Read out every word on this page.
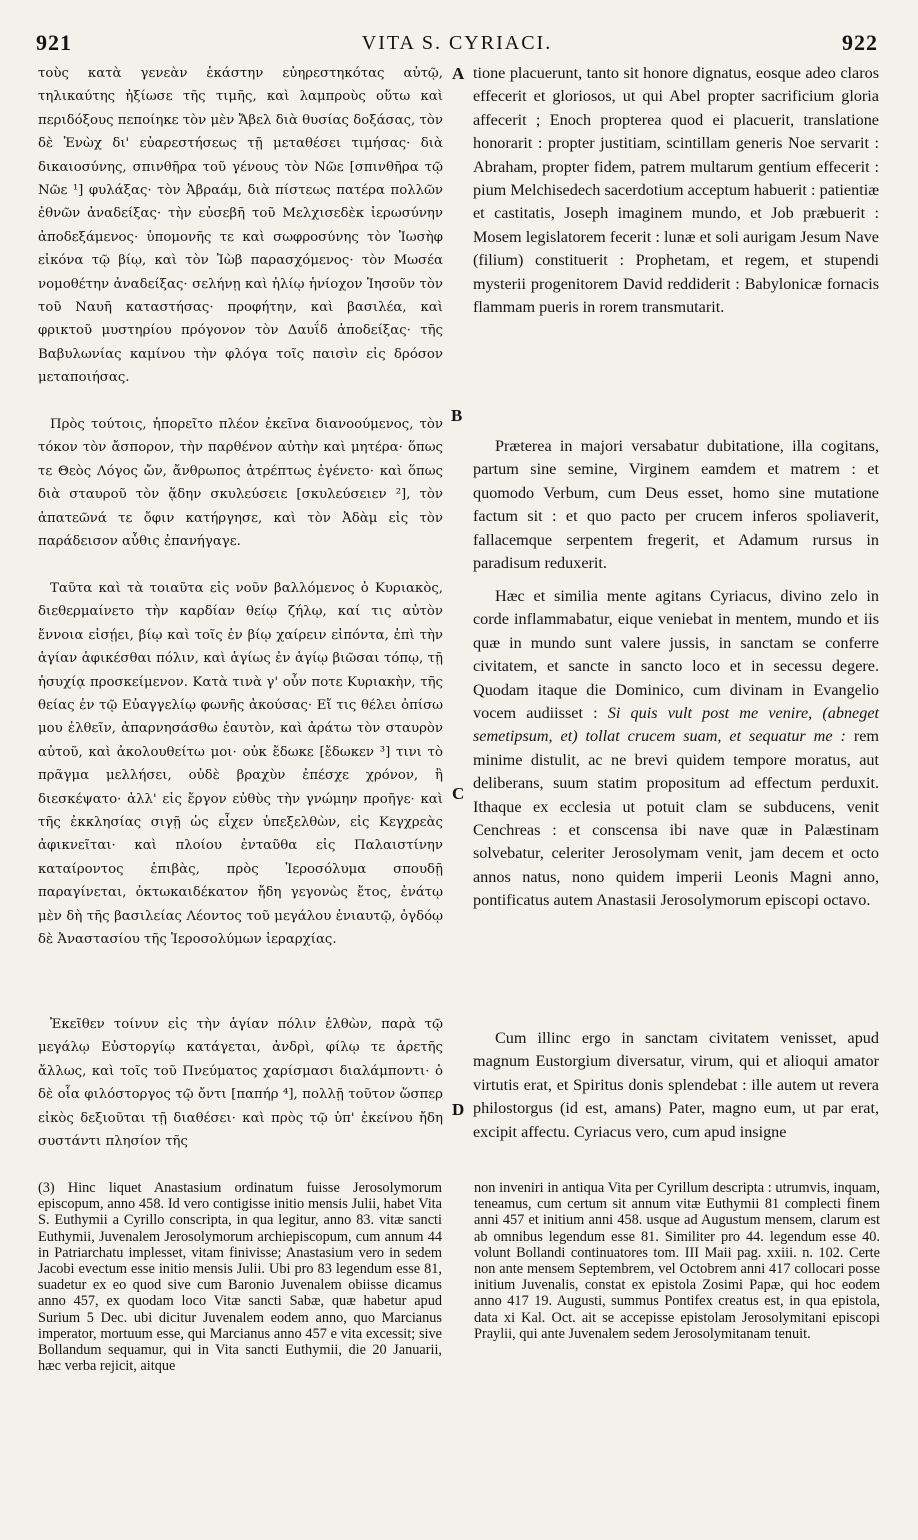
921	VITA S. CYRIACI.	922

τοὺς κατὰ γενεὰν ἑκάστην εὐηρεστηκότας αὐτῷ, τηλικαύτης ἠξίωσε τῆς τιμῆς, καὶ λαμπροὺς οὕτω καὶ περιδόξους πεποίηκε τὸν μὲν Ἄβελ διὰ θυσίας δοξάσας, τὸν δὲ Ἐνὼχ δι' εὐαρεστήσεως τῇ μεταθέσει τιμήσας· διὰ δικαιοσύνης, σπινθῆρα τοῦ γένους τὸν Νῶε [σπινθῆρα τῷ Νῶε ¹] φυλάξας· τὸν Ἀβραάμ, διὰ πίστεως πατέρα πολλῶν ἐθνῶν ἀναδείξας· τὴν εὐσεβῆ τοῦ Μελχισεδὲκ ἱερωσύνην ἀποδεξάμενος· ὑπομονῆς τε καὶ σωφροσύνης τὸν Ἰωσὴφ εἰκόνα τῷ βίῳ, καὶ τὸν Ἰὼβ παρασχόμενος· τὸν Μωσέα νομοθέτην ἀναδείξας· σελήνῃ καὶ ἡλίῳ ἡνίοχον Ἰησοῦν τὸν τοῦ Ναυῆ καταστήσας· προφήτην, καὶ βασιλέα, καὶ φρικτοῦ μυστηρίου πρόγονον τὸν Δαυΐδ ἀποδείξας· τῆς Βαβυλωνίας καμίνου τὴν φλόγα τοῖς παισὶν εἰς δρόσον μεταποιήσας.

Πρὸς τούτοις, ἠπορεῖτο πλέον ἐκεῖνα διανοούμενος, τὸν τόκον τὸν ἄσπορον, τὴν παρθένον αὐτὴν καὶ μητέρα· ὅπως τε Θεὸς Λόγος ὤν, ἄνθρωπος ἀτρέπτως ἐγένετο· καὶ ὅπως διὰ σταυροῦ τὸν ᾅδην σκυλεύσειε [σκυλεύσειεν ²], τὸν ἀπατεῶνά τε ὄφιν κατήργησε, καὶ τὸν Ἀδὰμ εἰς τὸν παράδεισον αὖθις ἐπανήγαγε.

Ταῦτα καὶ τὰ τοιαῦτα εἰς νοῦν βαλλόμενος ὁ Κυριακὸς, διεθερμαίνετο τὴν καρδίαν θείῳ ζήλῳ, καί τις αὐτὸν ἔννοια εἰσῄει, βίῳ καὶ τοῖς ἐν βίῳ χαίρειν εἰπόντα, ἐπὶ τὴν ἁγίαν ἀφικέσθαι πόλιν, καὶ ἁγίως ἐν ἁγίῳ βιῶσαι τόπῳ, τῇ ἡσυχίᾳ προσκείμενον. Κατὰ τινὰ γ' οὖν ποτε Κυριακὴν, τῆς θείας ἐν τῷ Εὐαγγελίῳ φωνῆς ἀκούσας· Εἴ τις θέλει ὀπίσω μου ἐλθεῖν, ἀπαρνησάσθω ἑαυτὸν, καὶ ἀράτω τὸν σταυρὸν αὐτοῦ, καὶ ἀκολουθείτω μοι· οὐκ ἔδωκε [ἔδωκεν ³] τινι τὸ πρᾶγμα μελλήσει, οὐδὲ βραχὺν ἐπέσχε χρόνον, ἢ διεσκέψατο· ἀλλ' εἰς ἔργον εὐθὺς τὴν γνώμην προῆγε· καὶ τῆς ἐκκλησίας σιγῇ ὡς εἶχεν ὑπεξελθὼν, εἰς Κεγχρεὰς ἀφικνεῖται· καὶ πλοίου ἐνταῦθα εἰς Παλαιστίνην καταίροντος ἐπιβὰς, πρὸς Ἱεροσόλυμα σπουδῇ παραγίνεται, ὀκτωκαιδέκατον ἤδη γεγονὼς ἔτος, ἐνάτῳ μὲν δὴ τῆς βασιλείας Λέοντος τοῦ μεγάλου ἐνιαυτῷ, ὀγδόῳ δὲ Ἀναστασίου τῆς Ἱεροσολύμων ἱεραρχίας.

Ἐκεῖθεν τοίνυν εἰς τὴν ἁγίαν πόλιν ἐλθὼν, παρὰ τῷ μεγάλῳ Εὐστοργίῳ κατάγεται, ἀνδρὶ, φίλῳ τε ἀρετῆς ἄλλως, καὶ τοῖς τοῦ Πνεύματος χαρίσμασι διαλάμποντι· ὁ δὲ οἷα φιλόστοργος τῷ ὄντι [παπήρ ⁴], πολλῇ τοῦτον ὥσπερ εἰκὸς δεξιοῦται τῇ διαθέσει· καὶ πρὸς τῷ ὑπ' ἐκείνου ἤδη συστάντι πλησίον τῆς

A
B
C
D

tione placuerunt, tanto sit honore dignatus, eosque adeo claros effecerit et gloriosos, ut qui Abel propter sacrificium gloria affecerit ; Enoch propterea quod ei placuerit, translatione honorarit : propter justitiam, scintillam generis Noe servarit : Abraham, propter fidem, patrem multarum gentium effecerit : pium Melchisedech sacerdotium acceptum habuerit : patientiæ et castitatis, Joseph imaginem mundo, et Job præbuerit : Mosem legislatorem fecerit : lunæ et soli aurigam Jesum Nave (filium) constituerit : Prophetam, et regem, et stupendi mysterii progenitorem David reddiderit : Babylonicæ fornacis flammam pueris in rorem transmutarit.

Præterea in majori versabatur dubitatione, illa cogitans, partum sine semine, Virginem eamdem et matrem : et quomodo Verbum, cum Deus esset, homo sine mutatione factum sit : et quo pacto per crucem inferos spoliaverit, fallacemque serpentem fregerit, et Adamum rursus in paradisum reduxerit.

Hæc et similia mente agitans Cyriacus, divino zelo in corde inflammabatur, eique veniebat in mentem, mundo et iis quæ in mundo sunt valere jussis, in sanctam se conferre civitatem, et sancte in sancto loco et in secessu degere. Quodam itaque die Dominico, cum divinam in Evangelio vocem audiisset : Si quis vult post me venire, (abneget semetipsum, et) tollat crucem suam, et sequatur me : rem minime distulit, ac ne brevi quidem tempore moratus, aut deliberans, suum statim propositum ad effectum perduxit. Ithaque ex ecclesia ut potuit clam se subducens, venit Cenchreas : et conscensa ibi nave quæ in Palæstinam solvebatur, celeriter Jerosolymam venit, jam decem et octo annos natus, nono quidem imperii Leonis Magni anno, pontificatus autem Anastasii Jerosolymorum episcopi octavo.

Cum illinc ergo in sanctam civitatem venisset, apud magnum Eustorgium diversatur, virum, qui et alioqui amator virtutis erat, et Spiritus donis splendebat : ille autem ut revera philostorgus (id est, amans) Pater, magno eum, ut par erat, excipit affectu. Cyriacus vero, cum apud insigne

(3) Hinc liquet Anastasium ordinatum fuisse Jerosolymorum episcopum, anno 458. Id vero contigisse initio mensis Julii, habet Vita S. Euthymii a Cyrillo conscripta, in qua legitur, anno 83. vitæ sancti Euthymii, Juvenalem Jerosolymorum archiepiscopum, cum annum 44 in Patriarchatu implesset, vitam finivisse; Anastasium vero in sedem Jacobi evectum esse initio mensis Julii. Ubi pro 83 legendum esse 81, suadetur ex eo quod sive cum Baronio Juvenalem obiisse dicamus anno 457, ex quodam loco Vitæ sancti Sabæ, quæ habetur apud Surium 5 Dec. ubi dicitur Juvenalem eodem anno, quo Marcianus imperator, mortuum esse, qui Marcianus anno 457 e vita excessit; sive Bollandum sequamur, qui in Vita sancti Euthymii, die 20 Januarii, hæc verba rejicit, aitque

non inveniri in antiqua Vita per Cyrillum descripta : utrumvis, inquam, teneamus, cum certum sit annum vitæ Euthymii 81 complecti finem anni 457 et initium anni 458. usque ad Augustum mensem, clarum est ab omnibus legendum esse 81. Similiter pro 44. legendum esse 40. volunt Bollandi continuatores tom. III Maii pag. xxiii. n. 102. Certe non ante mensem Septembrem, vel Octobrem anni 417 collocari posse initium Juvenalis, constat ex epistola Zosimi Papæ, qui hoc eodem anno 417 19. Augusti, summus Pontifex creatus est, in qua epistola, data xi Kal. Oct. ait se accepisse epistolam Jerosolymitani episcopi Praylii, qui ante Juvenalem sedem Jerosolymitanam tenuit.
